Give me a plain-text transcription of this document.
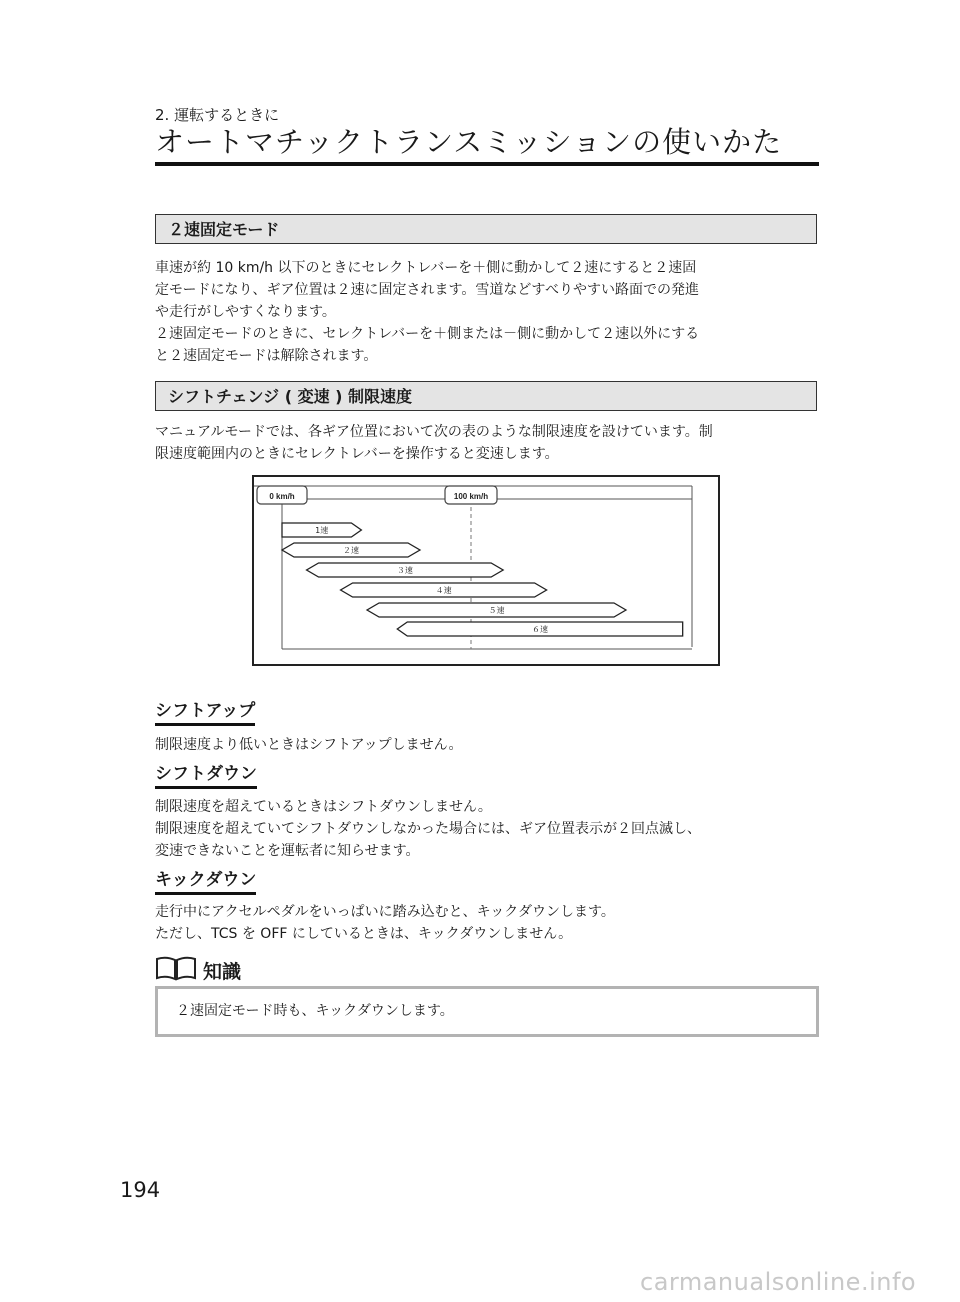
2. 運転するときに
オートマチックトランスミッションの使いかた
２速固定モード

車速が約 10 km/h 以下のときにセレクトレバーを＋側に動かして２速にすると２速固

定モードになり、ギア位置は２速に固定されます。雪道などすべりやすい路面での発進

や走行がしやすくなります。

２速固定モードのときに、セレクトレバーを＋側または－側に動かして２速以外にする

と２速固定モードは解除されます。

シフトチェンジ ( 変速 ) 制限速度

マニュアルモードでは、各ギア位置において次の表のような制限速度を設けています。制

限速度範囲内のときにセレクトレバーを操作すると変速します。

0 km/h	100 km/h
1速
２速
３速
４速
５速
６速
シフトアップ
制限速度より低いときはシフトアップしません。
シフトダウン

制限速度を超えているときはシフトダウンしません。

制限速度を超えていてシフトダウンしなかった場合には、ギア位置表示が２回点滅し、

変速できないことを運転者に知らせます。

キックダウン

走行中にアクセルペダルをいっぱいに踏み込むと、キックダウンします。

ただし、TCS を OFF にしているときは、キックダウンしません。

知識
２速固定モード時も、キックダウンします。
194
carmanualsonline.info
